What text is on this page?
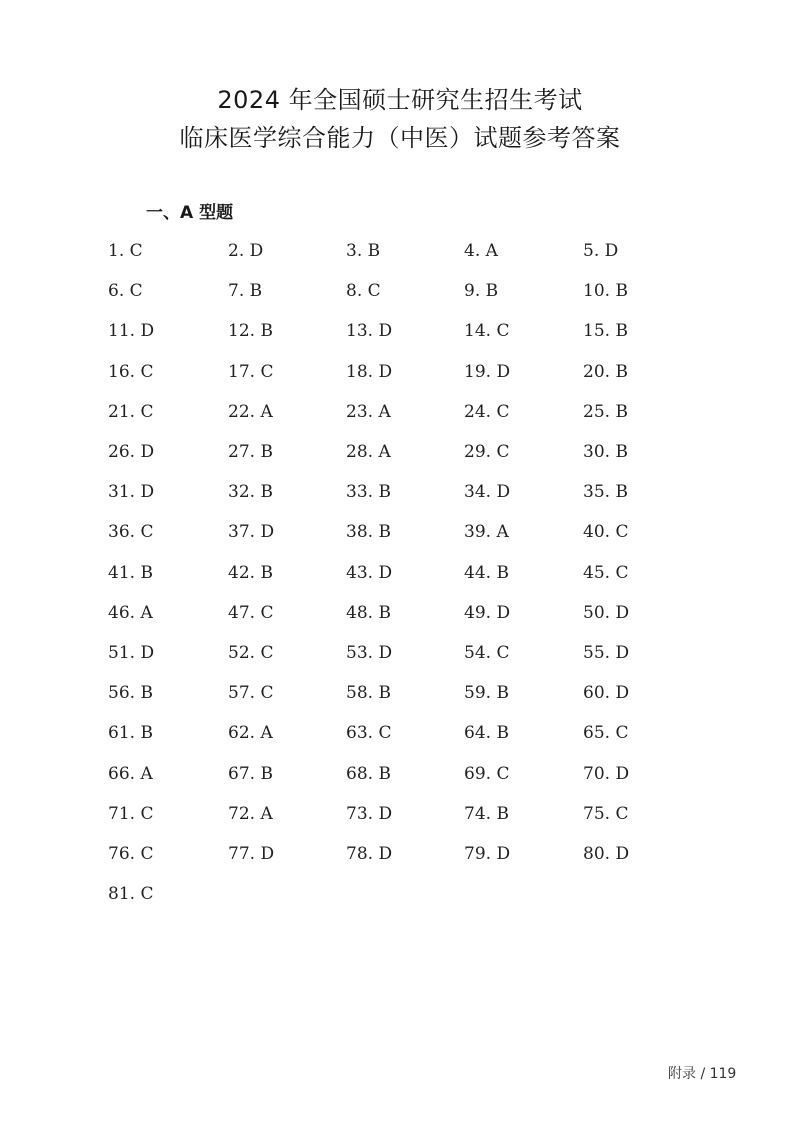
2024 年全国硕士研究生招生考试
临床医学综合能力（中医）试题参考答案
一、A 型题
1. C	2. D	3. B	4. A	5. D
6. C	7. B	8. C	9. B	10. B
11. D	12. B	13. D	14. C	15. B
16. C	17. C	18. D	19. D	20. B
21. C	22. A	23. A	24. C	25. B
26. D	27. B	28. A	29. C	30. B
31. D	32. B	33. B	34. D	35. B
36. C	37. D	38. B	39. A	40. C
41. B	42. B	43. D	44. B	45. C
46. A	47. C	48. B	49. D	50. D
51. D	52. C	53. D	54. C	55. D
56. B	57. C	58. B	59. B	60. D
61. B	62. A	63. C	64. B	65. C
66. A	67. B	68. B	69. C	70. D
71. C	72. A	73. D	74. B	75. C
76. C	77. D	78. D	79. D	80. D
81. C
附录 / 119
